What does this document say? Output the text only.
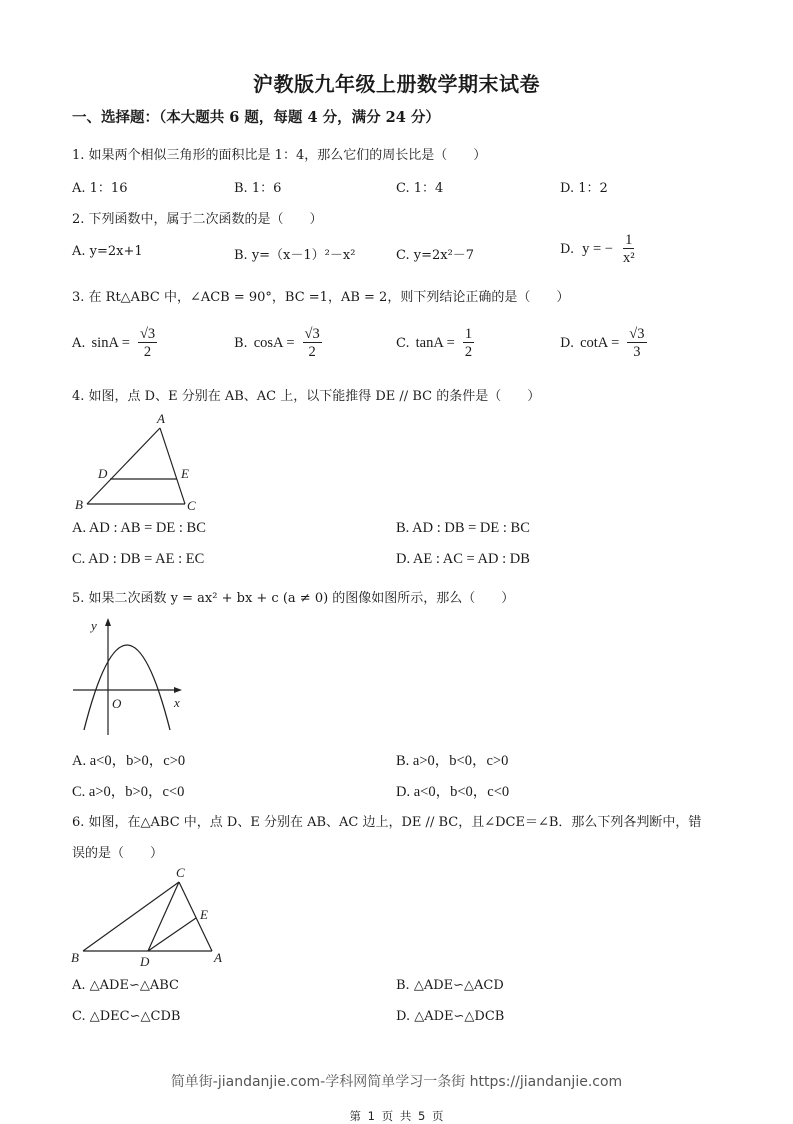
沪教版九年级上册数学期末试卷
一、选择题：（本大题共 6 题，每题 4 分，满分 24 分）
1. 如果两个相似三角形的面积比是 1：4，那么它们的周长比是（　　）
A. 1：16	B. 1：6	C. 1：4	D. 1：2
2. 下列函数中，属于二次函数的是（　　）
A. y=2x+1	B. y=（x－1）²－x²	C. y=2x²－7	D. y = − $\frac{1}{\text{x²}}$
3. 在 Rt△ABC 中，∠ACB = 90°，BC =1，AB = 2，则下列结论正确的是（　　）
A. $\sin A = \frac{√3}{2}$	B. $\cos A = \frac{√3}{2}$	C. $\tan A = \frac{1}{2}$	D. $\cot A = \frac{√3}{3}$
4. 如图，点 D、E 分别在 AB、AC 上，以下能推得 DE // BC 的条件是（　　）
A
B	C
D	E
A. AD : AB = DE : BC	B. AD : DB = DE : BC
C. AD : DB = AE : EC	D. AE : AC = AD : DB
5. 如果二次函数 y = ax² + bx + c (a ≠ 0) 的图像如图所示，那么（　　）
y
O	x
A. a<0，b>0，c>0	B. a>0，b<0，c>0
C. a>0，b>0，c<0	D. a<0，b<0，c<0
6. 如图，在△ABC 中，点 D、E 分别在 AB、AC 边上，DE // BC，且∠DCE＝∠B．那么下列各判断中，错
误的是（　　）
C
B	D	A
E
A. △ADE∽△ABC	B. △ADE∽△ACD
C. △DEC∽△CDB	D. △ADE∽△DCB
简单街-jiandanjie.com-学科网简单学习一条街 https://jiandanjie.com
第 1 页 共 5 页
